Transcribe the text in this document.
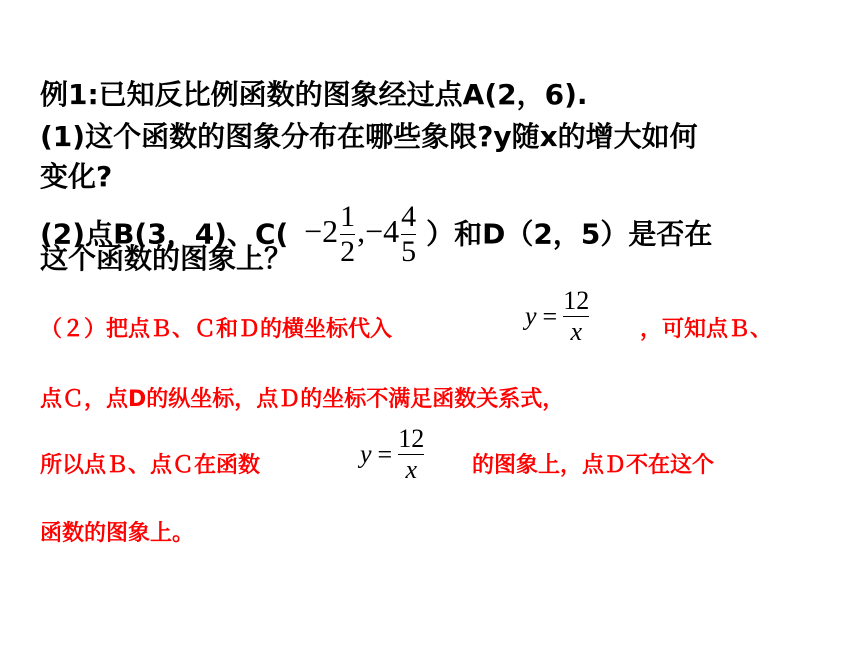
例1:已知反比例函数的图象经过点A(2，6).
(1)这个函数的图象分布在哪些象限?y随x的增大如何
变化?
(2)点B(3，4)、$C( -2 \frac{1}{2} ,-4 \frac{4}{5}$ ）和D（2，5）是否在
这个函数的图象上？
（２）把点Ｂ、Ｃ和Ｄ的横坐标代入	$y = \frac{12}{x}$ ，可知点Ｂ、
点Ｃ，点D的纵坐标，点Ｄ的坐标不满足函数关系式，
所以点Ｂ、点Ｃ在函数	$y = \frac{12}{x}$ 的图象上，点Ｄ不在这个
函数的图象上。
